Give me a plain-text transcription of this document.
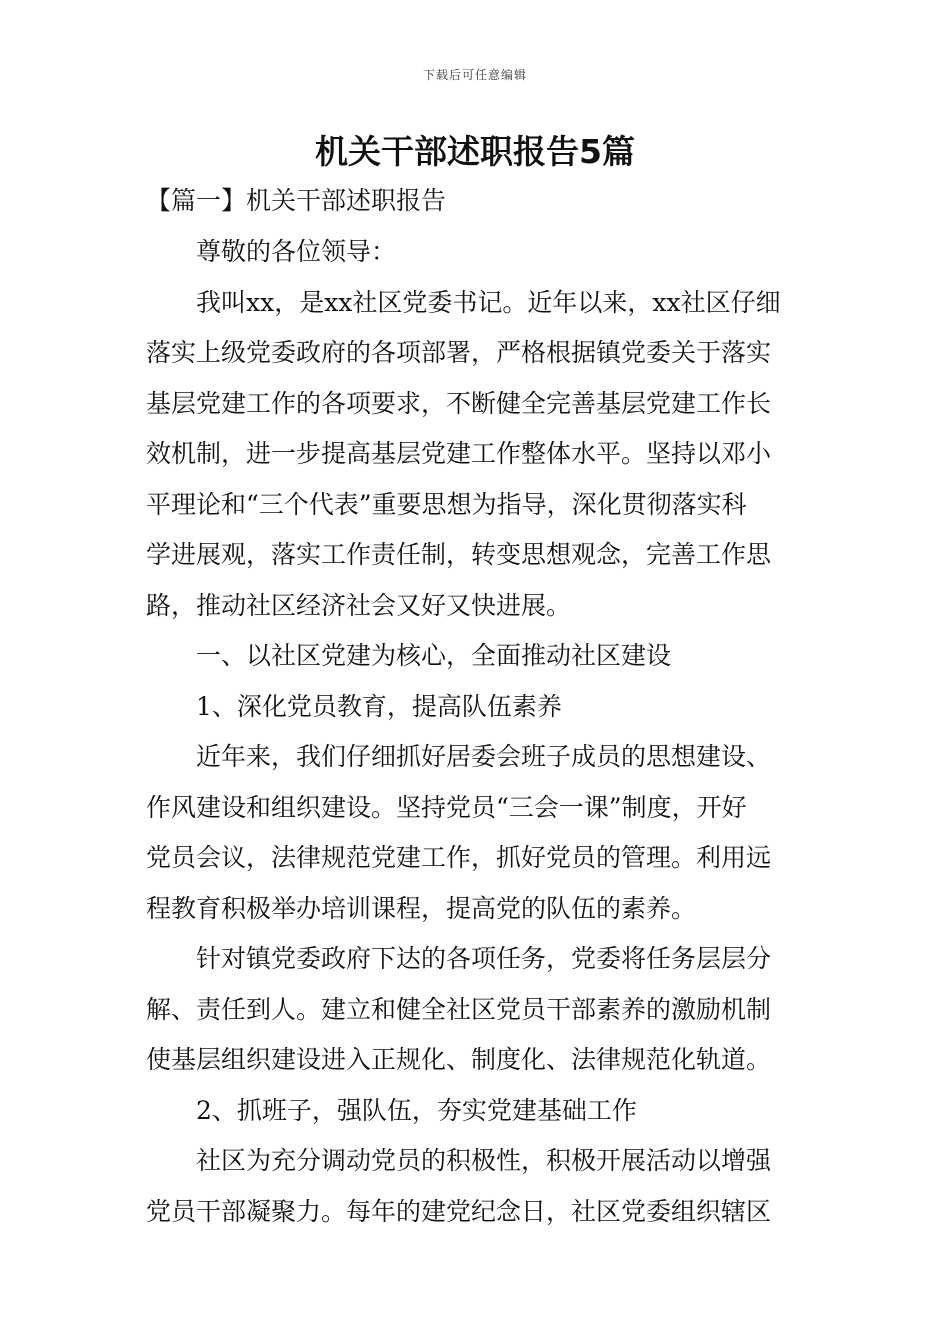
下载后可任意编辑
机关干部述职报告5篇
【篇一】机关干部述职报告

尊敬的各位领导：

我叫xx，是xx社区党委书记。近年以来，xx社区仔细
落实上级党委政府的各项部署，严格根据镇党委关于落实
基层党建工作的各项要求，不断健全完善基层党建工作长
效机制，进一步提高基层党建工作整体水平。坚持以邓小
平理论和“三个代表”重要思想为指导，深化贯彻落实科
学进展观，落实工作责任制，转变思想观念，完善工作思
路，推动社区经济社会又好又快进展。

一、以社区党建为核心，全面推动社区建设

1、深化党员教育，提高队伍素养

近年来，我们仔细抓好居委会班子成员的思想建设、
作风建设和组织建设。坚持党员“三会一课”制度，开好
党员会议，法律规范党建工作，抓好党员的管理。利用远
程教育积极举办培训课程，提高党的队伍的素养。

针对镇党委政府下达的各项任务，党委将任务层层分
解、责任到人。建立和健全社区党员干部素养的激励机制
使基层组织建设进入正规化、制度化、法律规范化轨道。

2、抓班子，强队伍，夯实党建基础工作

社区为充分调动党员的积极性，积极开展活动以增强
党员干部凝聚力。每年的建党纪念日，社区党委组织辖区
